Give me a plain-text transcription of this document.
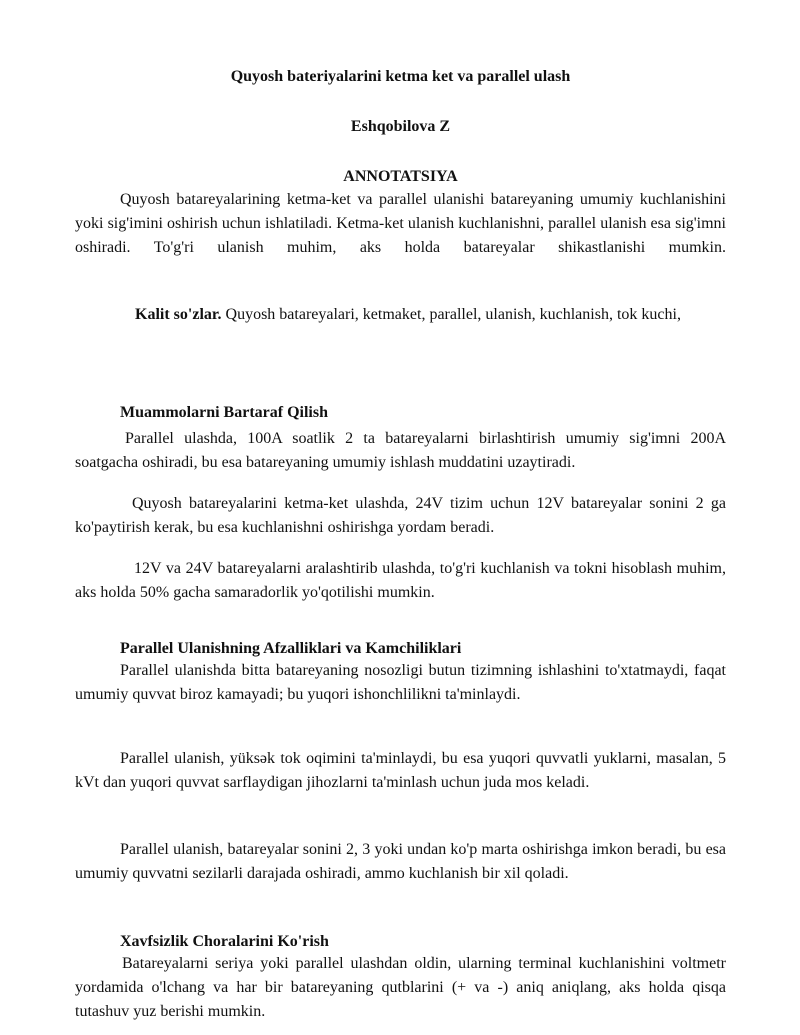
Quyosh bateriyalarini ketma ket va parallel ulash
Eshqobilova Z
ANNOTATSIYA
Quyosh batareyalarining ketma-ket va parallel ulanishi batareyaning umumiy kuchlanishini yoki sig'imini oshirish uchun ishlatiladi. Ketma-ket ulanish kuchlanishni, parallel ulanish esa sig'imni oshiradi. To'g'ri ulanish muhim, aks holda batareyalar shikastlanishi mumkin.
Kalit so'zlar. Quyosh batareyalari, ketmaket, parallel, ulanish, kuchlanish, tok kuchi,
Muammolarni Bartaraf Qilish
Parallel ulashda, 100A soatlik 2 ta batareyalarni birlashtirish umumiy sig'imni 200A soatgacha oshiradi, bu esa batareyaning umumiy ishlash muddatini uzaytiradi.
Quyosh batareyalarini ketma-ket ulashda, 24V tizim uchun 12V batareyalar sonini 2 ga ko'paytirish kerak, bu esa kuchlanishni oshirishga yordam beradi.
12V va 24V batareyalarni aralashtirib ulashda, to'g'ri kuchlanish va tokni hisoblash muhim, aks holda 50% gacha samaradorlik yo'qotilishi mumkin.
Parallel Ulanishning Afzalliklari va Kamchiliklari
Parallel ulanishda bitta batareyaning nosozligi butun tizimning ishlashini to'xtatmaydi, faqat umumiy quvvat biroz kamayadi; bu yuqori ishonchlilikni ta'minlaydi.
Parallel ulanish, yüksək tok oqimini ta'minlaydi, bu esa yuqori quvvatli yuklarni, masalan, 5 kVt dan yuqori quvvat sarflaydigan jihozlarni ta'minlash uchun juda mos keladi.
Parallel ulanish, batareyalar sonini 2, 3 yoki undan ko'p marta oshirishga imkon beradi, bu esa umumiy quvvatni sezilarli darajada oshiradi, ammo kuchlanish bir xil qoladi.
Xavfsizlik Choralarini Ko'rish
Batareyalarni seriya yoki parallel ulashdan oldin, ularning terminal kuchlanishini voltmetr yordamida o'lchang va har bir batareyaning qutblarini (+ va -) aniq aniqlang, aks holda qisqa tutashuv yuz berishi mumkin.
